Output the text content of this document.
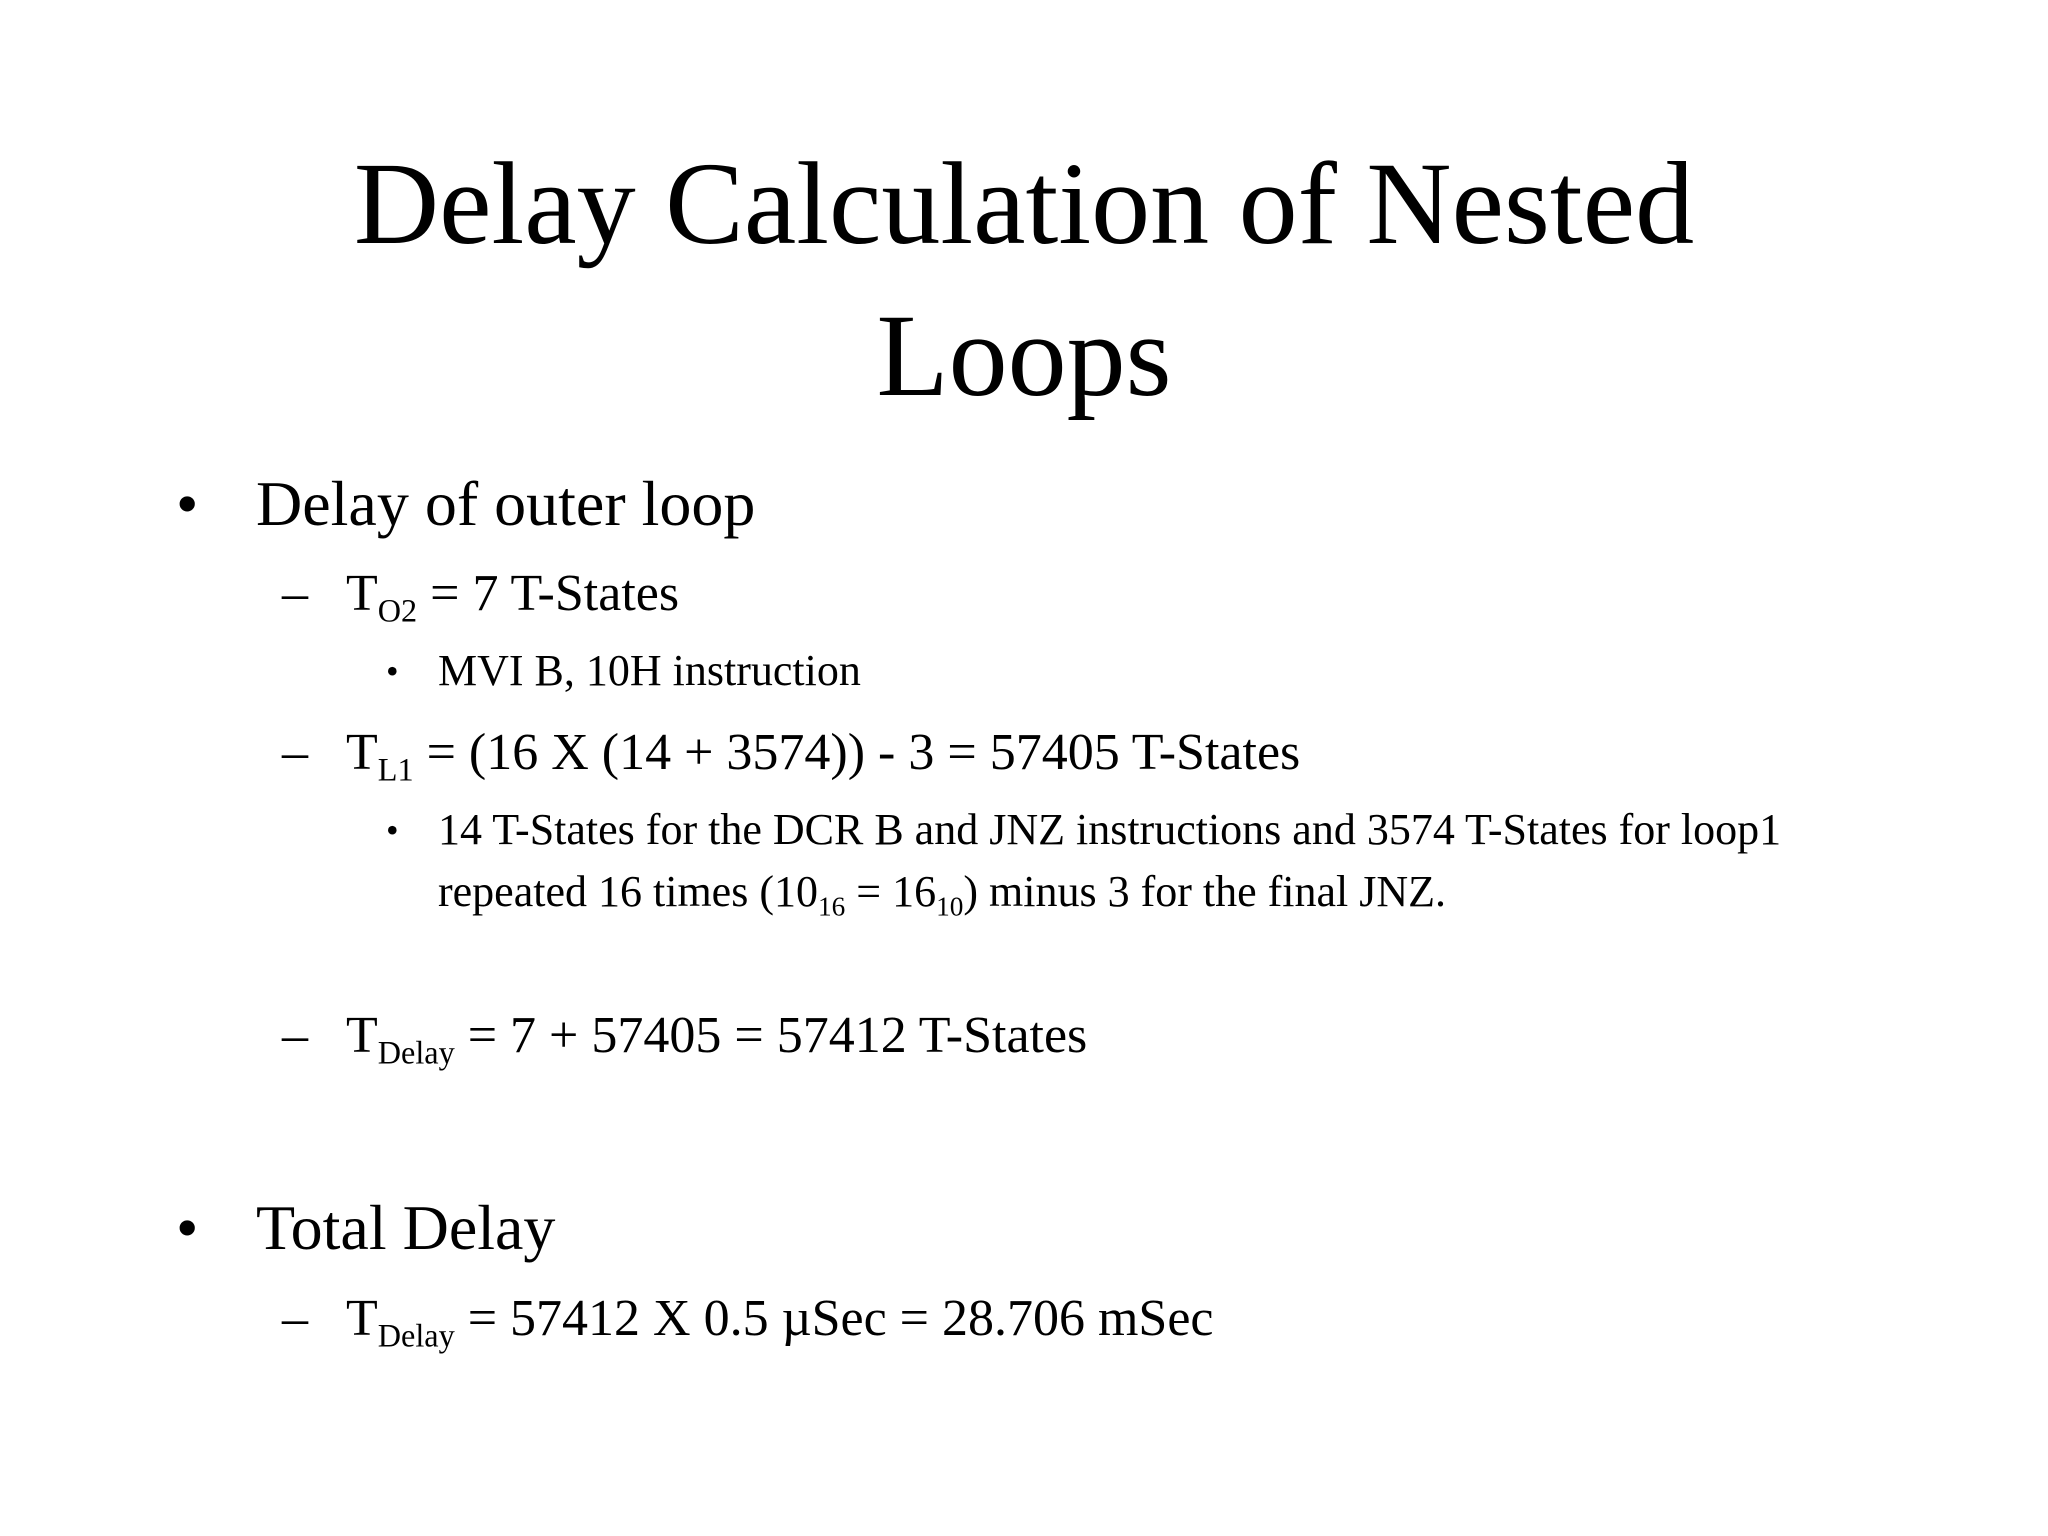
Delay Calculation of Nested
Loops
• Delay of outer loop
– $T_{O2} = 7$ T-States
• MVI B, 10H instruction
– $T_{L1} = (16$ X (14 + 3574)) - 3 = 57405 T-States
• 14 T-States for the DCR B and JNZ instructions and 3574 T-States for loop1 repeated 16 times $(10_{16} = 16_{10})$ minus 3 for the final JNZ.
– $T_{Delay} = 7 + 57405 = 57412$ T-States
• Total Delay
– $T_{Delay} = 57412$ X 0.5 µSec = 28.706 mSec
